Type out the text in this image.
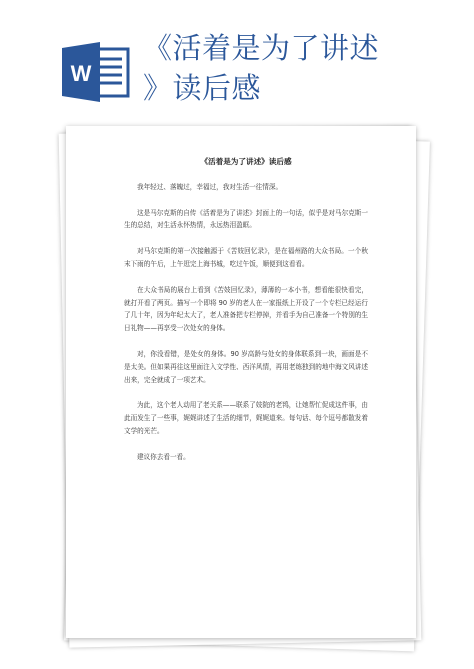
W
《活着是为了讲述
》读后感
《活着是为了讲述》读后感

我年轻过、落魄过，幸福过，我对生活一往情深。

这是马尔克斯的自传《活着是为了讲述》封面上的一句话，似乎是对马尔克斯一生的总结，对生活永怀热情，永远热泪盈眶。

对马尔克斯的第一次接触源于《苦妓回忆录》，是在福州路的大众书局。一个秋末下雨的午后，上午逛完上海书城，吃过午饭，顺便到这看看。

在大众书局的展台上看到《苦妓回忆录》，薄薄的一本小书，想看能很快看完，就打开看了两页。描写一个即将 90 岁的老人在一家报纸上开设了一个专栏已经运行了几十年，因为年纪太大了，老人准备把专栏停掉，并看手为自己准备一个特别的生日礼物——再享受一次处女的身体。

对，你没看错，是处女的身体。90 岁高龄与处女的身体联系到一块，画面是不是太美。但如果再往这里面注入文学性、西洋风情，再用老练独到的地中海文风讲述出来，完全就成了一项艺术。

为此，这个老人动用了老关系——联系了妓院的老鸨，让她帮忙促成这件事，由此而发生了一些事，娓娓讲述了生活的细节，娓娓道来。每句话、每个逗号都散发着文学的光芒。

建议你去看一看。
